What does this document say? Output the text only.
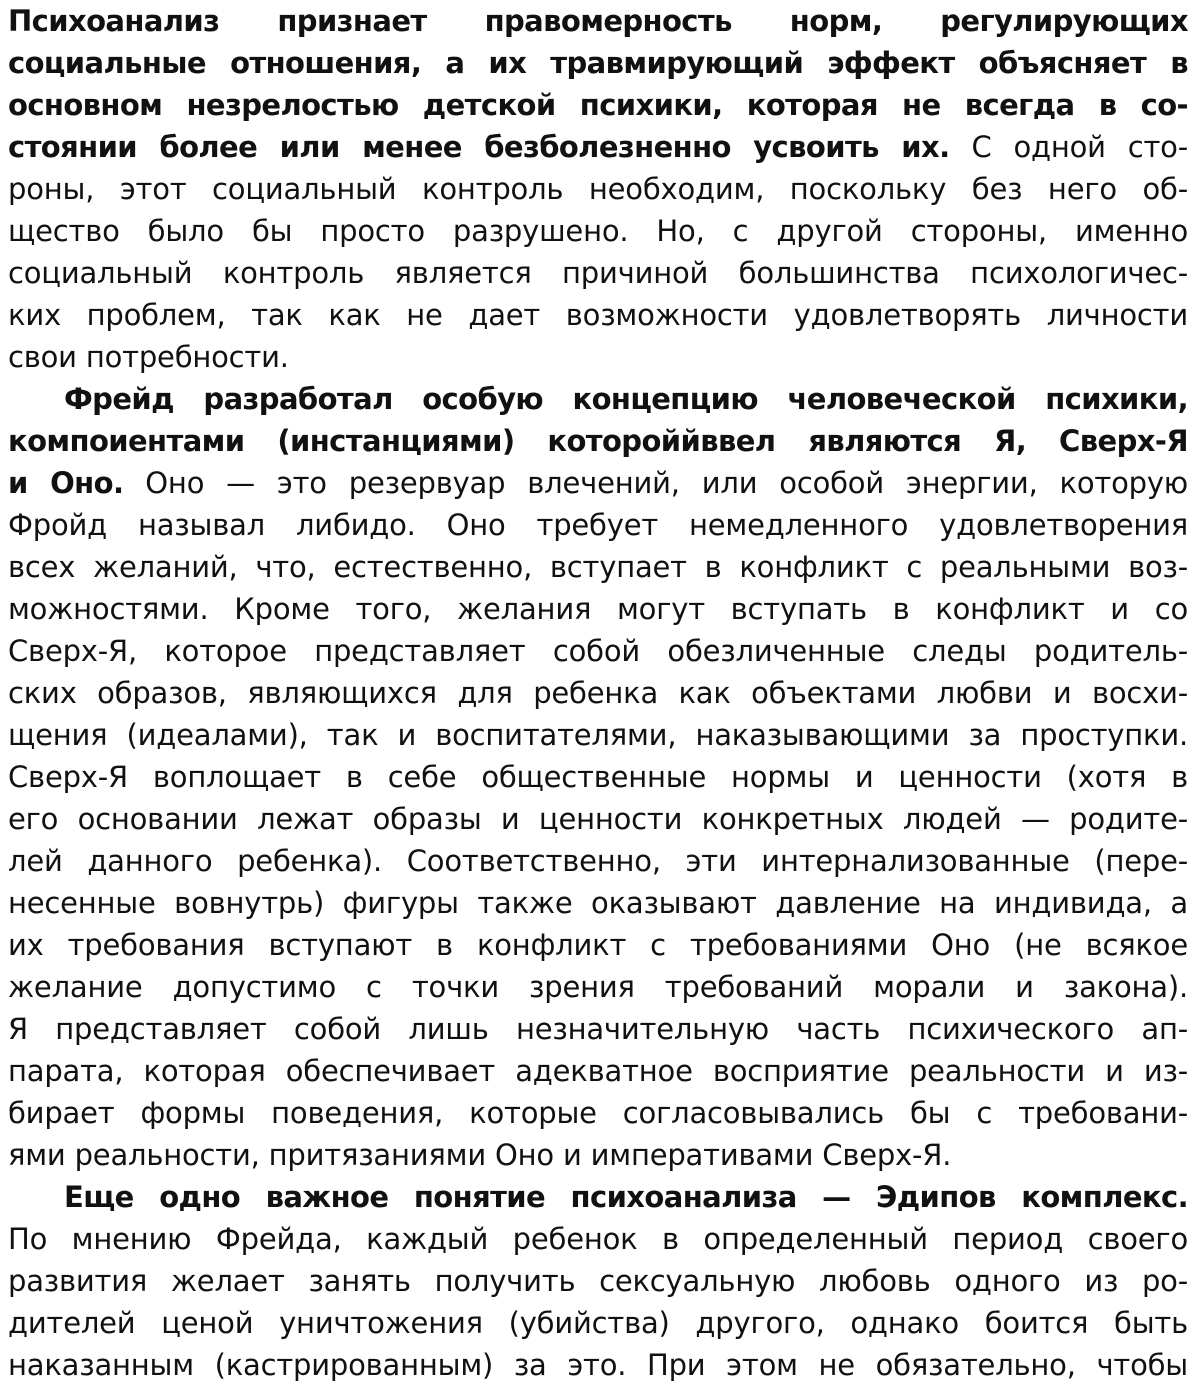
Психоанализ признает правомерность норм, регулирующих
социальные отношения, а их травмирующий эффект объясняет в
основном незрелостью детской психики, которая не всегда в со-
стоянии более или менее безболезненно усвоить их. С одной сто-
роны, этот социальный контроль необходим, поскольку без него об-
щество было бы просто разрушено. Но, с другой стороны, именно
социальный контроль является причиной большинства психологичес-
ких проблем, так как не дает возможности удовлетворять личности
свои потребности.
Фрейд разработал особую концепцию человеческой психики,
компоиентами (инстанциями) котороййввел являются Я, Сверх-Я
и Оно. Оно — это резервуар влечений, или особой энергии, которую
Фройд называл либидо. Оно требует немедленного удовлетворения
всех желаний, что, естественно, вступает в конфликт с реальными воз-
можностями. Кроме того, желания могут вступать в конфликт и со
Сверх-Я, которое представляет собой обезличенные следы родитель-
ских образов, являющихся для ребенка как объектами любви и восхи-
щения (идеалами), так и воспитателями, наказывающими за проступки.
Сверх-Я воплощает в себе общественные нормы и ценности (хотя в
его основании лежат образы и ценности конкретных людей — родите-
лей данного ребенка). Соответственно, эти интернализованные (пере-
несенные вовнутрь) фигуры также оказывают давление на индивида, а
их требования вступают в конфликт с требованиями Оно (не всякое
желание допустимо с точки зрения требований морали и закона).
Я представляет собой лишь незначительную часть психического ап-
парата, которая обеспечивает адекватное восприятие реальности и из-
бирает формы поведения, которые согласовывались бы с требовани-
ями реальности, притязаниями Оно и императивами Сверх-Я.
Еще одно важное понятие психоанализа — Эдипов комплекс.
По мнению Фрейда, каждый ребенок в определенный период своего
развития желает занять получить сексуальную любовь одного из ро-
дителей ценой уничтожения (убийства) другого, однако боится быть
наказанным (кастрированным) за это. При этом не обязательно, чтобы
